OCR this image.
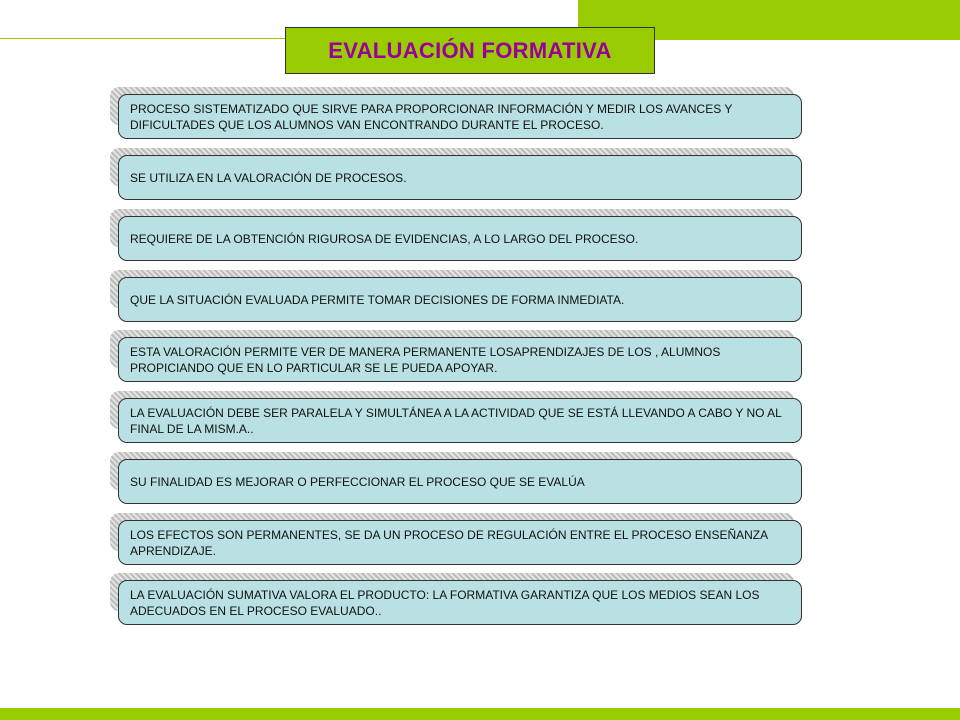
EVALUACIÓN FORMATIVA
PROCESO SISTEMATIZADO QUE SIRVE PARA PROPORCIONAR INFORMACIÓN Y MEDIR LOS AVANCES Y DIFICULTADES QUE LOS ALUMNOS VAN ENCONTRANDO DURANTE EL PROCESO.
SE UTILIZA EN LA VALORACIÓN DE PROCESOS.
REQUIERE DE LA OBTENCIÓN RIGUROSA DE EVIDENCIAS, A LO LARGO DEL PROCESO.
QUE LA SITUACIÓN EVALUADA PERMITE TOMAR DECISIONES DE FORMA INMEDIATA.
ESTA VALORACIÓN PERMITE VER DE MANERA PERMANENTE LOSAPRENDIZAJES DE LOS , ALUMNOS PROPICIANDO QUE EN LO PARTICULAR SE LE PUEDA APOYAR.
LA EVALUACIÓN DEBE SER PARALELA Y SIMULTÁNEA A LA ACTIVIDAD QUE SE ESTÁ LLEVANDO A CABO Y NO AL FINAL DE LA MISM.A..
SU FINALIDAD ES MEJORAR O PERFECCIONAR EL PROCESO QUE SE EVALÚA
LOS EFECTOS SON PERMANENTES, SE DA UN PROCESO DE REGULACIÓN ENTRE EL PROCESO ENSEÑANZA APRENDIZAJE.
LA EVALUACIÓN SUMATIVA VALORA EL PRODUCTO: LA FORMATIVA GARANTIZA QUE LOS MEDIOS SEAN LOS ADECUADOS EN EL PROCESO EVALUADO..
